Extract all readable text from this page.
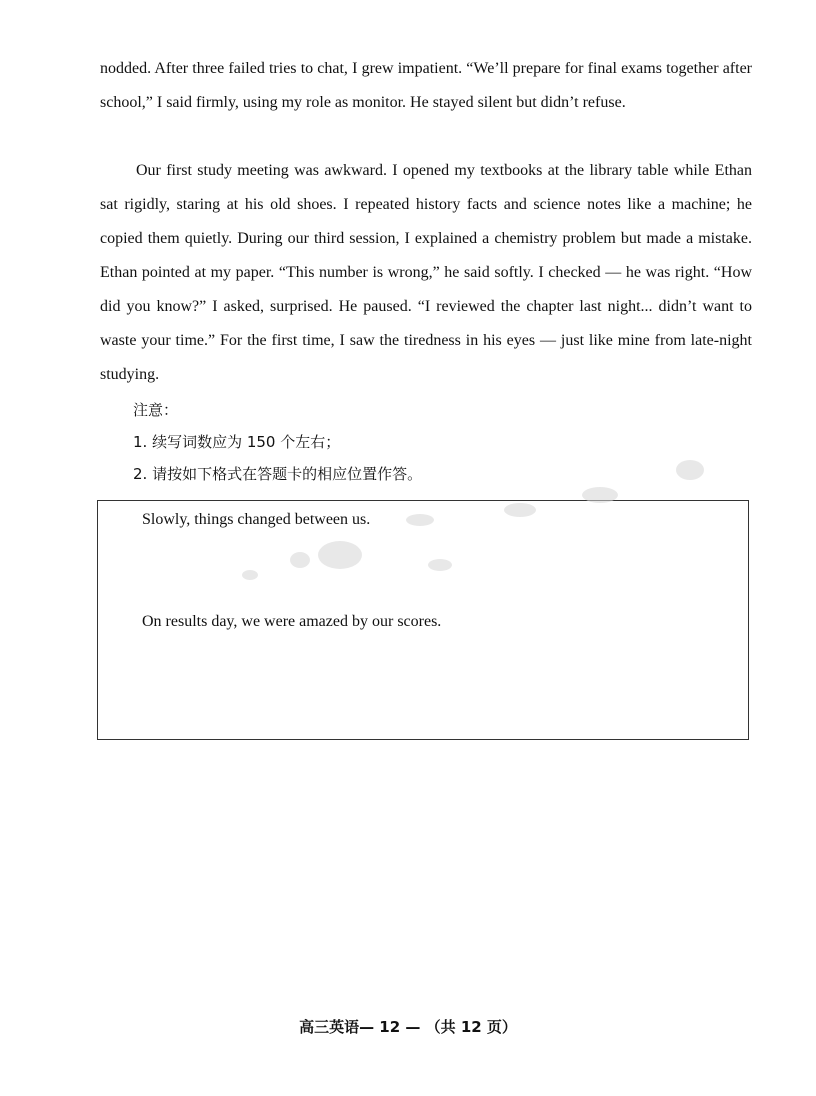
nodded. After three failed tries to chat, I grew impatient. “We’ll prepare for final exams together after school,” I said firmly, using my role as monitor. He stayed silent but didn’t refuse.

Our first study meeting was awkward. I opened my textbooks at the library table while Ethan sat rigidly, staring at his old shoes. I repeated history facts and science notes like a machine; he copied them quietly. During our third session, I explained a chemistry problem but made a mistake. Ethan pointed at my paper. “This number is wrong,” he said softly. I checked — he was right. “How did you know?” I asked, surprised. He paused. “I reviewed the chapter last night... didn’t want to waste your time.” For the first time, I saw the tiredness in his eyes — just like mine from late-night studying.

注意：
1. 续写词数应为 150 个左右；
2. 请按如下格式在答题卡的相应位置作答。
Slowly, things changed between us.
On results day, we were amazed by our scores.
高三英语— 12 — （共 12 页）
